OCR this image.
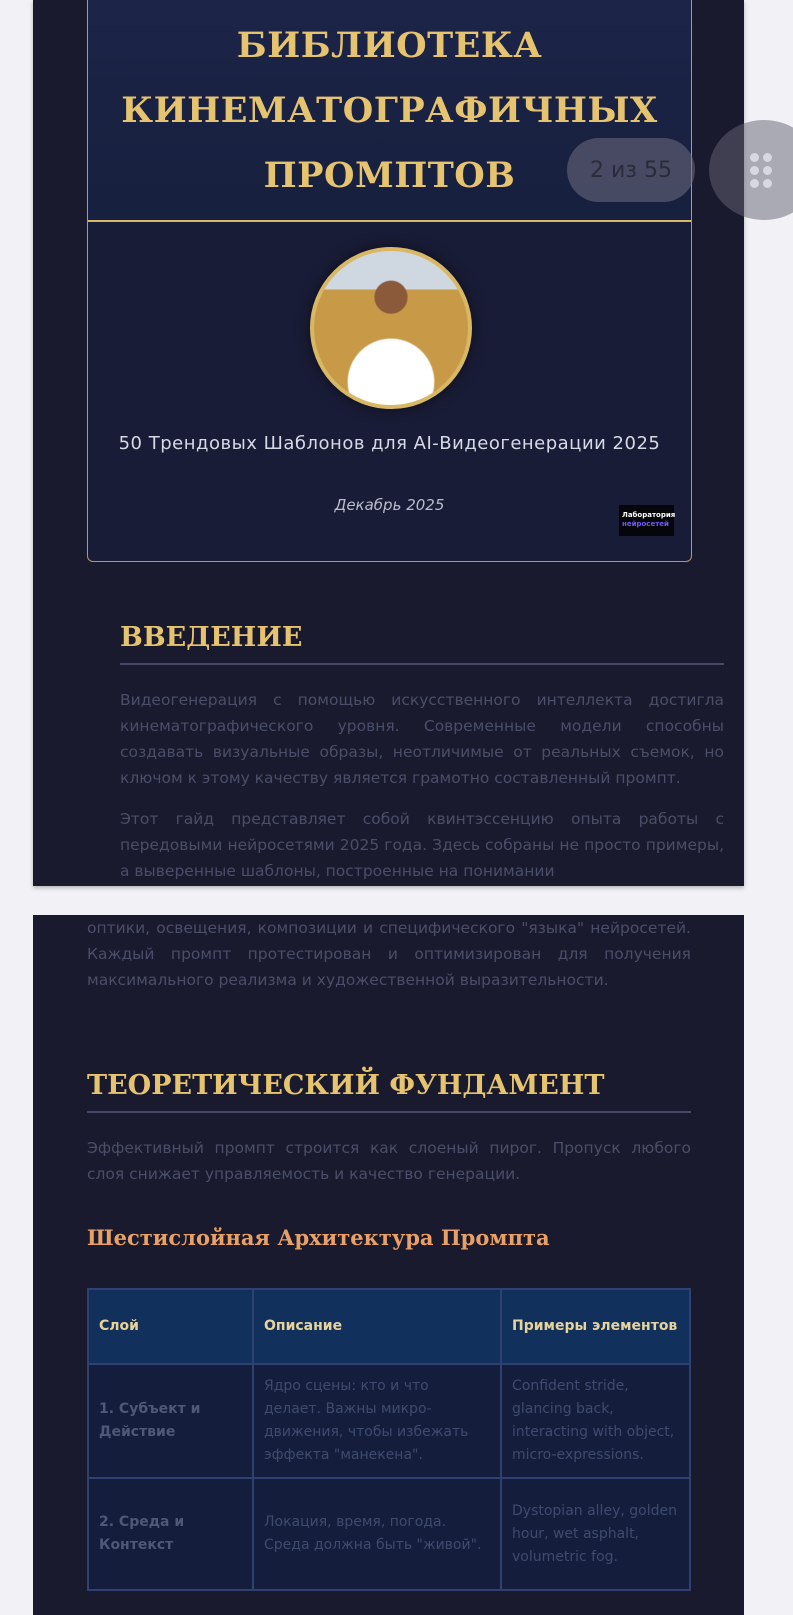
БИБЛИОТЕКА
КИНЕМАТОГРАФИЧНЫХ
ПРОМПТОВ
50 Трендовых Шаблонов для AI-Видеогенерации 2025
Декабрь 2025
Лаборатория
нейросетей
ВВЕДЕНИЕ

Видеогенерация с помощью искусственного интеллекта достигла кинематографического уровня. Современные модели способны создавать визуальные образы, неотличимые от реальных съемок, но ключом к этому качеству является грамотно составленный промпт.

Этот гайд представляет собой квинтэссенцию опыта работы с передовыми нейросетями 2025 года. Здесь собраны не просто примеры, а выверенные шаблоны, построенные на понимании

оптики, освещения, композиции и специфического "языка" нейросетей. Каждый промпт протестирован и оптимизирован для получения максимального реализма и художественной выразительности.

ТЕОРЕТИЧЕСКИЙ ФУНДАМЕНТ

Эффективный промпт строится как слоеный пирог. Пропуск любого слоя снижает управляемость и качество генерации.

Шестислойная Архитектура Промпта
Слой	Описание	Примеры элементов
1. Субъект и Действие	Ядро сцены: кто и что делает. Важны микро-движения, чтобы избежать эффекта "манекена".	Confident stride, glancing back, interacting with object, micro-expressions.
2. Среда и Контекст	Локация, время, погода. Среда должна быть "живой".	Dystopian alley, golden hour, wet asphalt, volumetric fog.
2 из 55
